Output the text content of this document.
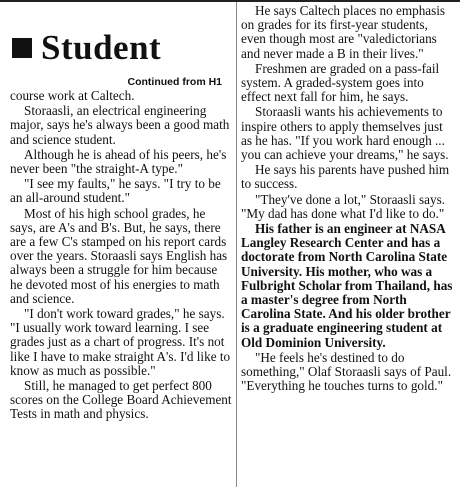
Student
Continued from H1

course work at Caltech.

Storaasli, an electrical engineering major, says he's always been a good math and science student.

Although he is ahead of his peers, he's never been "the straight-A type."

"I see my faults," he says. "I try to be an all-around student."

Most of his high school grades, he says, are A's and B's. But, he says, there are a few C's stamped on his report cards over the years. Storaasli says English has always been a struggle for him because he devoted most of his energies to math and science.

"I don't work toward grades," he says. "I usually work toward learning. I see grades just as a chart of progress. It's not like I have to make straight A's. I'd like to know as much as possible."

Still, he managed to get perfect 800 scores on the College Board Achievement Tests in math and physics.

He says Caltech places no emphasis on grades for its first-year students, even though most are "valedictorians and never made a B in their lives."

Freshmen are graded on a pass-fail system. A graded-system goes into effect next fall for him, he says.

Storaasli wants his achievements to inspire others to apply themselves just as he has. "If you work hard enough ... you can achieve your dreams," he says.

He says his parents have pushed him to success.

"They've done a lot," Storaasli says. "My dad has done what I'd like to do."

His father is an engineer at NASA Langley Research Center and has a doctorate from North Carolina State University. His mother, who was a Fulbright Scholar from Thailand, has a master's degree from North Carolina State. And his older brother is a graduate engineering student at Old Dominion University.

"He feels he's destined to do something," Olaf Storaasli says of Paul. "Everything he touches turns to gold."
